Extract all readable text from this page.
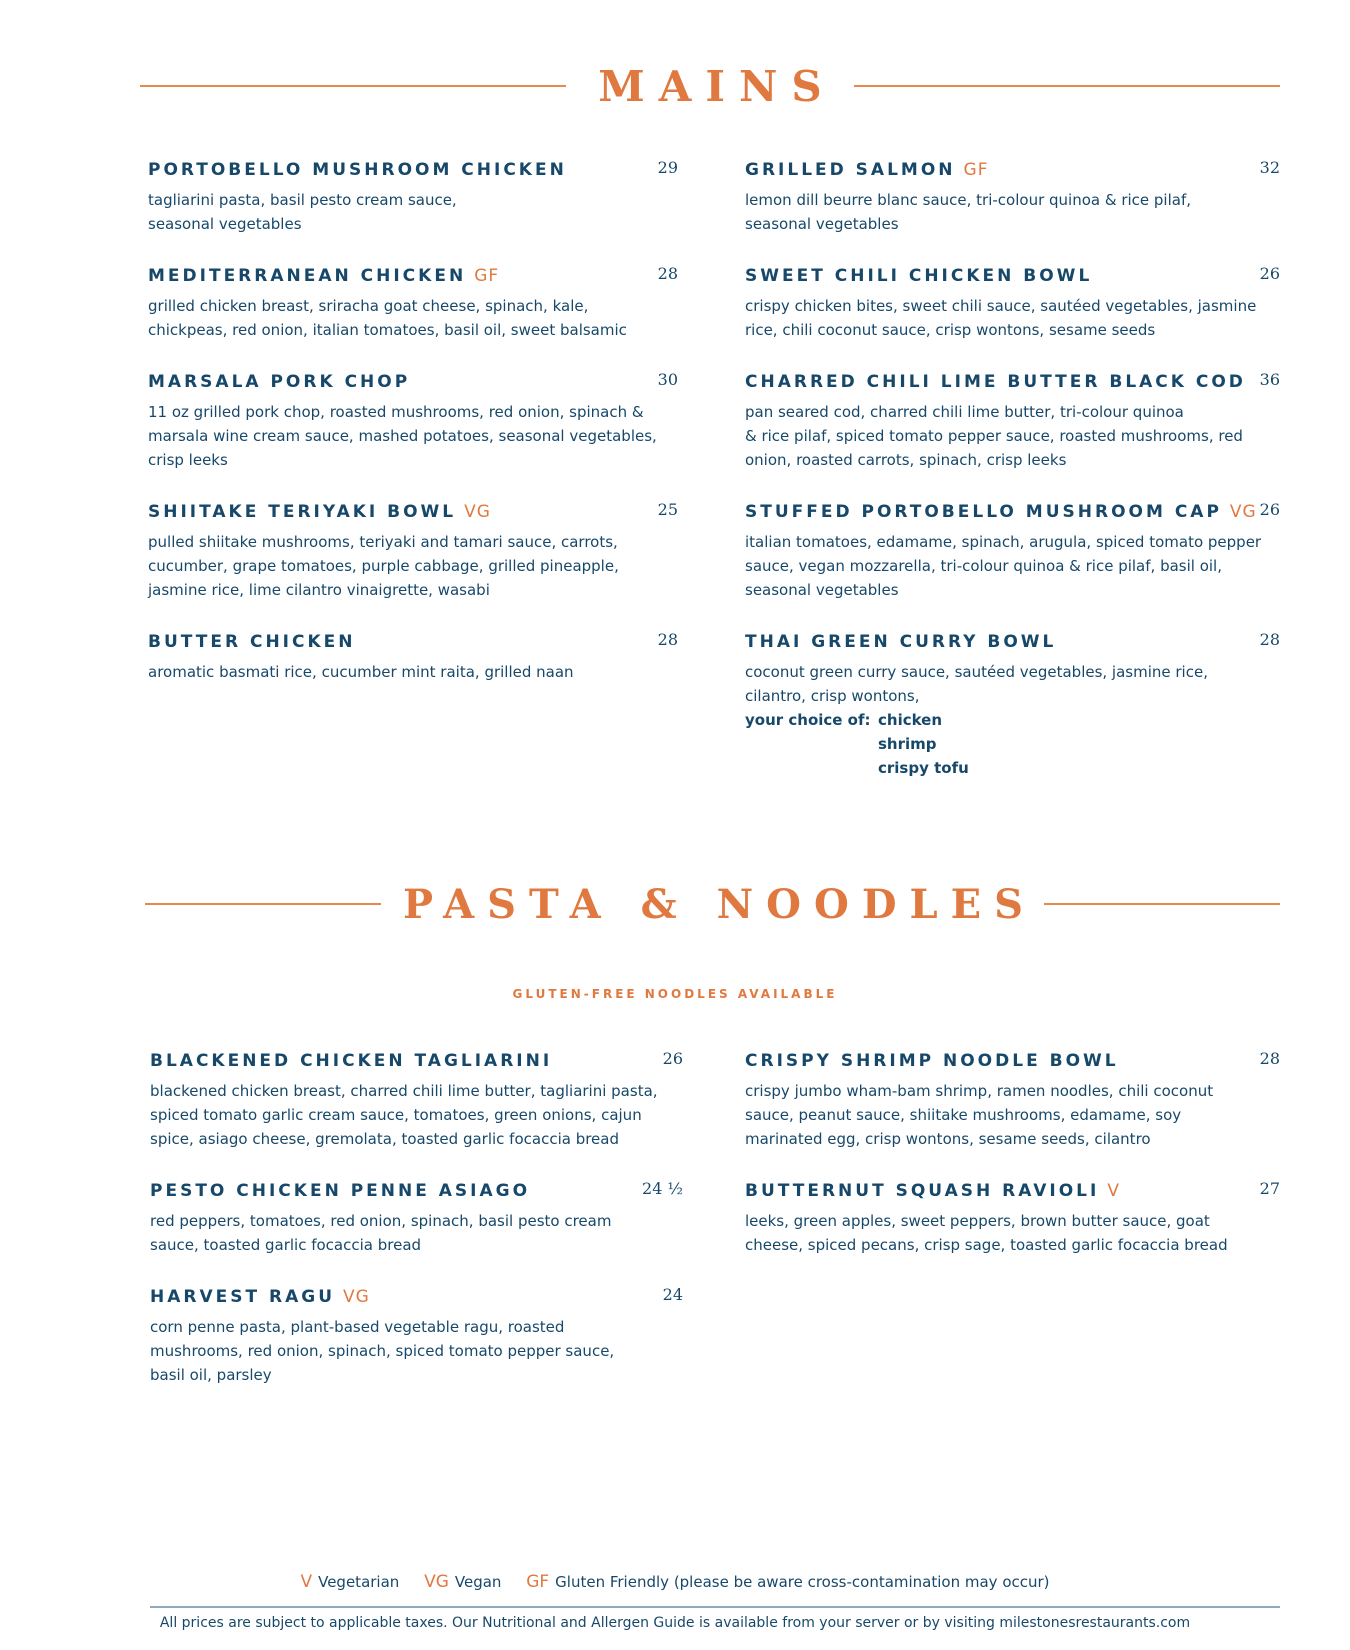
MAINS
PORTOBELLO MUSHROOM CHICKEN	29
tagliarini pasta, basil pesto cream sauce,
seasonal vegetables
GRILLED SALMON GF	32
lemon dill beurre blanc sauce, tri-colour quinoa & rice pilaf,
seasonal vegetables
MEDITERRANEAN CHICKEN GF	28
grilled chicken breast, sriracha goat cheese, spinach, kale,
chickpeas, red onion, italian tomatoes, basil oil, sweet balsamic
SWEET CHILI CHICKEN BOWL	26
crispy chicken bites, sweet chili sauce, sautéed vegetables, jasmine
rice, chili coconut sauce, crisp wontons, sesame seeds
MARSALA PORK CHOP	30
11 oz grilled pork chop, roasted mushrooms, red onion, spinach &
marsala wine cream sauce, mashed potatoes, seasonal vegetables,
crisp leeks
CHARRED CHILI LIME BUTTER BLACK COD 36
pan seared cod, charred chili lime butter, tri-colour quinoa
& rice pilaf, spiced tomato pepper sauce, roasted mushrooms, red
onion, roasted carrots, spinach, crisp leeks
SHIITAKE TERIYAKI BOWL VG	25
pulled shiitake mushrooms, teriyaki and tamari sauce, carrots,
cucumber, grape tomatoes, purple cabbage, grilled pineapple,
jasmine rice, lime cilantro vinaigrette, wasabi
STUFFED PORTOBELLO MUSHROOM CAP VG 26
italian tomatoes, edamame, spinach, arugula, spiced tomato pepper
sauce, vegan mozzarella, tri-colour quinoa & rice pilaf, basil oil,
seasonal vegetables
BUTTER CHICKEN	28
aromatic basmati rice, cucumber mint raita, grilled naan
THAI GREEN CURRY BOWL	28
coconut green curry sauce, sautéed vegetables, jasmine rice,
cilantro, crisp wontons,
your choice of: chicken
shrimp
crispy tofu
PASTA & NOODLES
GLUTEN-FREE NOODLES AVAILABLE
BLACKENED CHICKEN TAGLIARINI	26
blackened chicken breast, charred chili lime butter, tagliarini pasta,
spiced tomato garlic cream sauce, tomatoes, green onions, cajun
spice, asiago cheese, gremolata, toasted garlic focaccia bread
CRISPY SHRIMP NOODLE BOWL	28
crispy jumbo wham-bam shrimp, ramen noodles, chili coconut
sauce, peanut sauce, shiitake mushrooms, edamame, soy
marinated egg, crisp wontons, sesame seeds, cilantro
PESTO CHICKEN PENNE ASIAGO	24 ½
red peppers, tomatoes, red onion, spinach, basil pesto cream
sauce, toasted garlic focaccia bread
BUTTERNUT SQUASH RAVIOLI V	27
leeks, green apples, sweet peppers, brown butter sauce, goat
cheese, spiced pecans, crisp sage, toasted garlic focaccia bread
HARVEST RAGU VG	24
corn penne pasta, plant-based vegetable ragu, roasted
mushrooms, red onion, spinach, spiced tomato pepper sauce,
basil oil, parsley
V Vegetarian VG Vegan GF Gluten Friendly (please be aware cross-contamination may occur)
All prices are subject to applicable taxes. Our Nutritional and Allergen Guide is available from your server or by visiting milestonesrestaurants.com
